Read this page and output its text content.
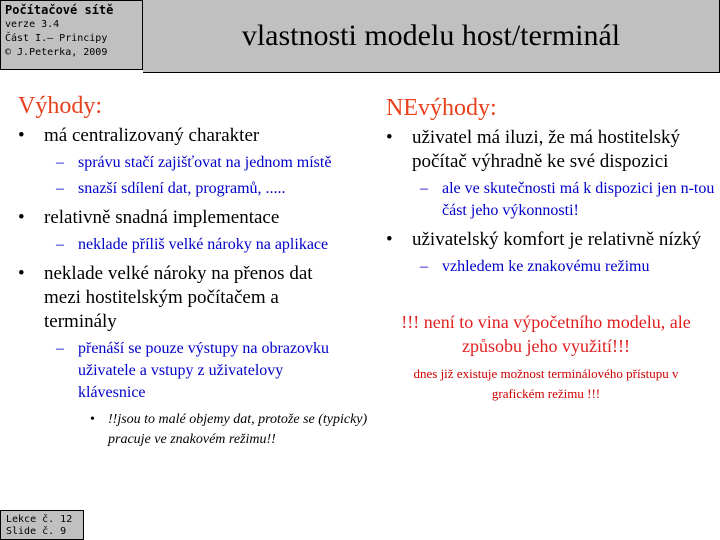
Počítačové sítě
verze 3.4
Část I.– Principy
© J.Peterka, 2009
vlastnosti modelu host/terminál
Výhody:
• má centralizovaný charakter
– správu stačí zajišťovat na jednom místě
– snazší sdílení dat, programů, .....
• relativně snadná implementace
– neklade příliš velké nároky na aplikace
• neklade velké nároky na přenos dat mezi hostitelským počítačem a terminály
– přenáší se pouze výstupy na obrazovku uživatele a vstupy z uživatelovy klávesnice
• !!jsou to malé objemy dat, protože se (typicky) pracuje ve znakovém režimu!!
NEvýhody:
• uživatel má iluzi, že má hostitelský počítač výhradně ke své dispozici
– ale ve skutečnosti má k dispozici jen n-tou část jeho výkonnosti!
• uživatelský komfort je relativně nízký
– vzhledem ke znakovému režimu
!!! není to vina výpočetního modelu, ale způsobu jeho využití!!!
dnes již existuje možnost terminálového přístupu v grafickém režimu !!!
Lekce č. 12
Slide č. 9
